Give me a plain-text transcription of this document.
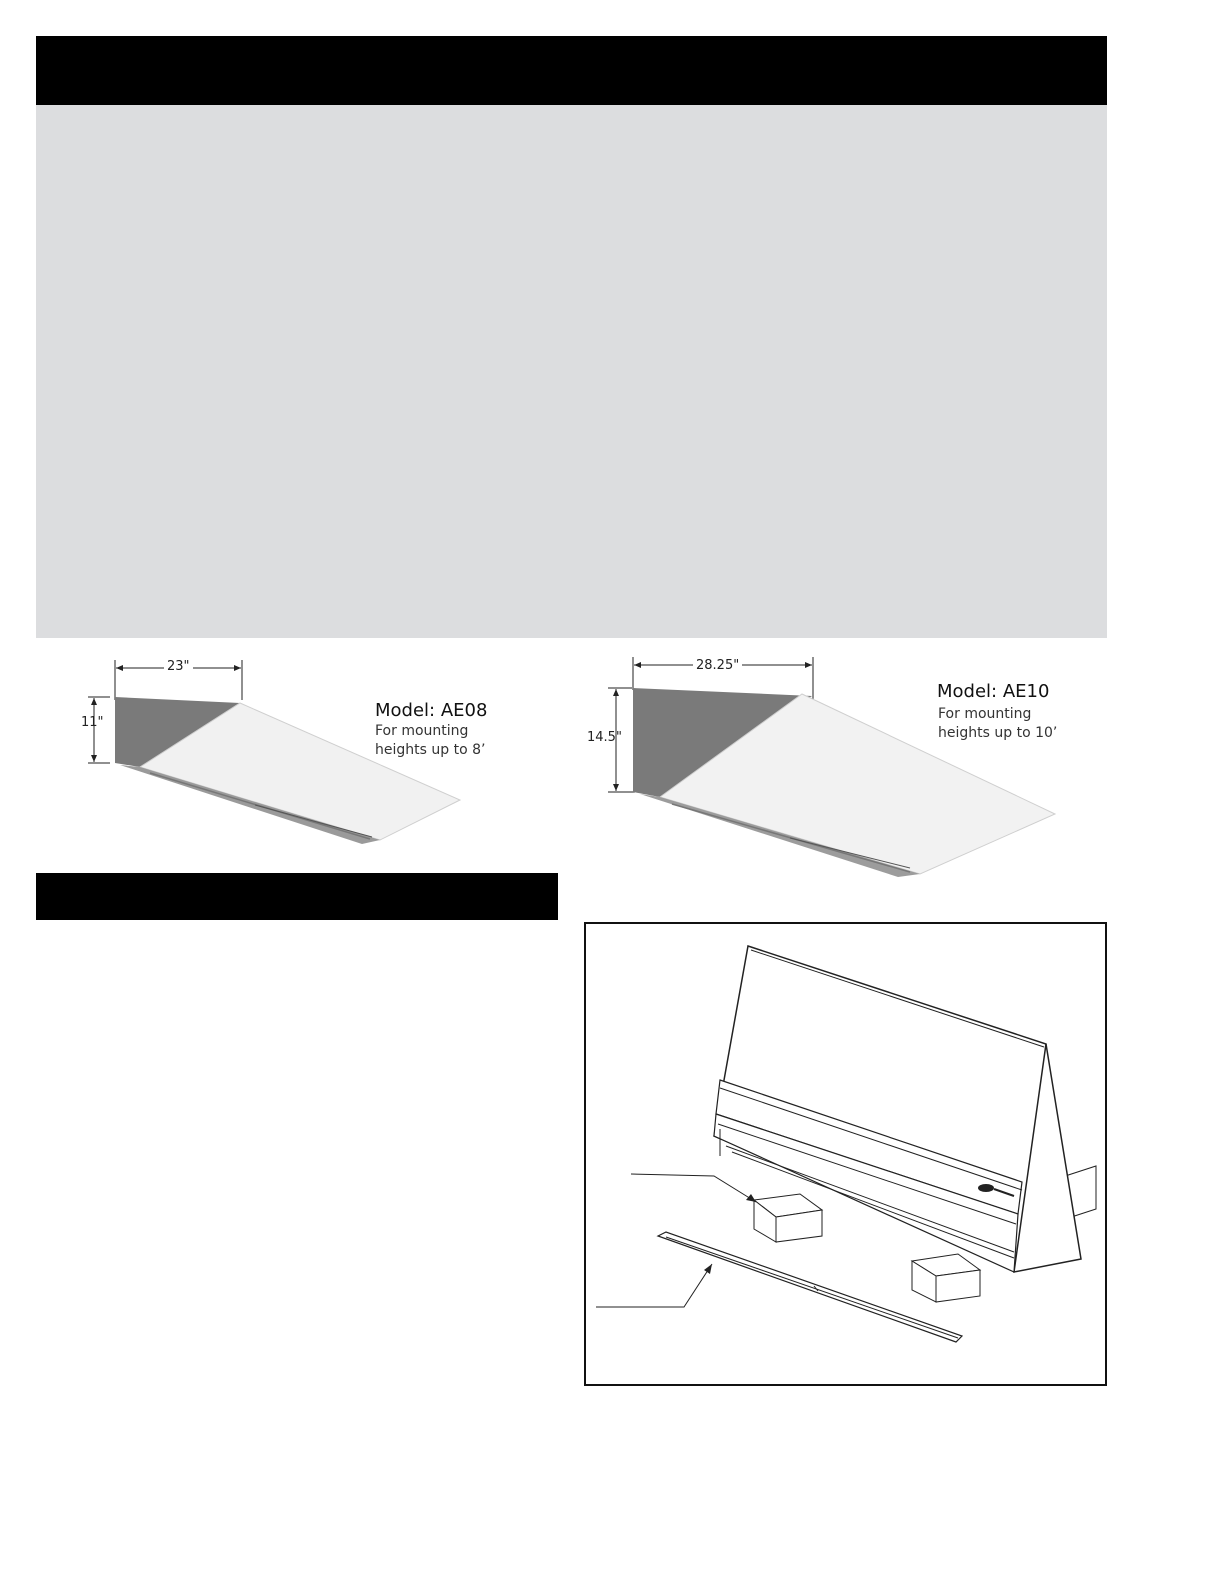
23"
11"
Model: AE08
For mounting
heights up to 8’
28.25"
14.5"
Model: AE10
For mounting
heights up to 10’
